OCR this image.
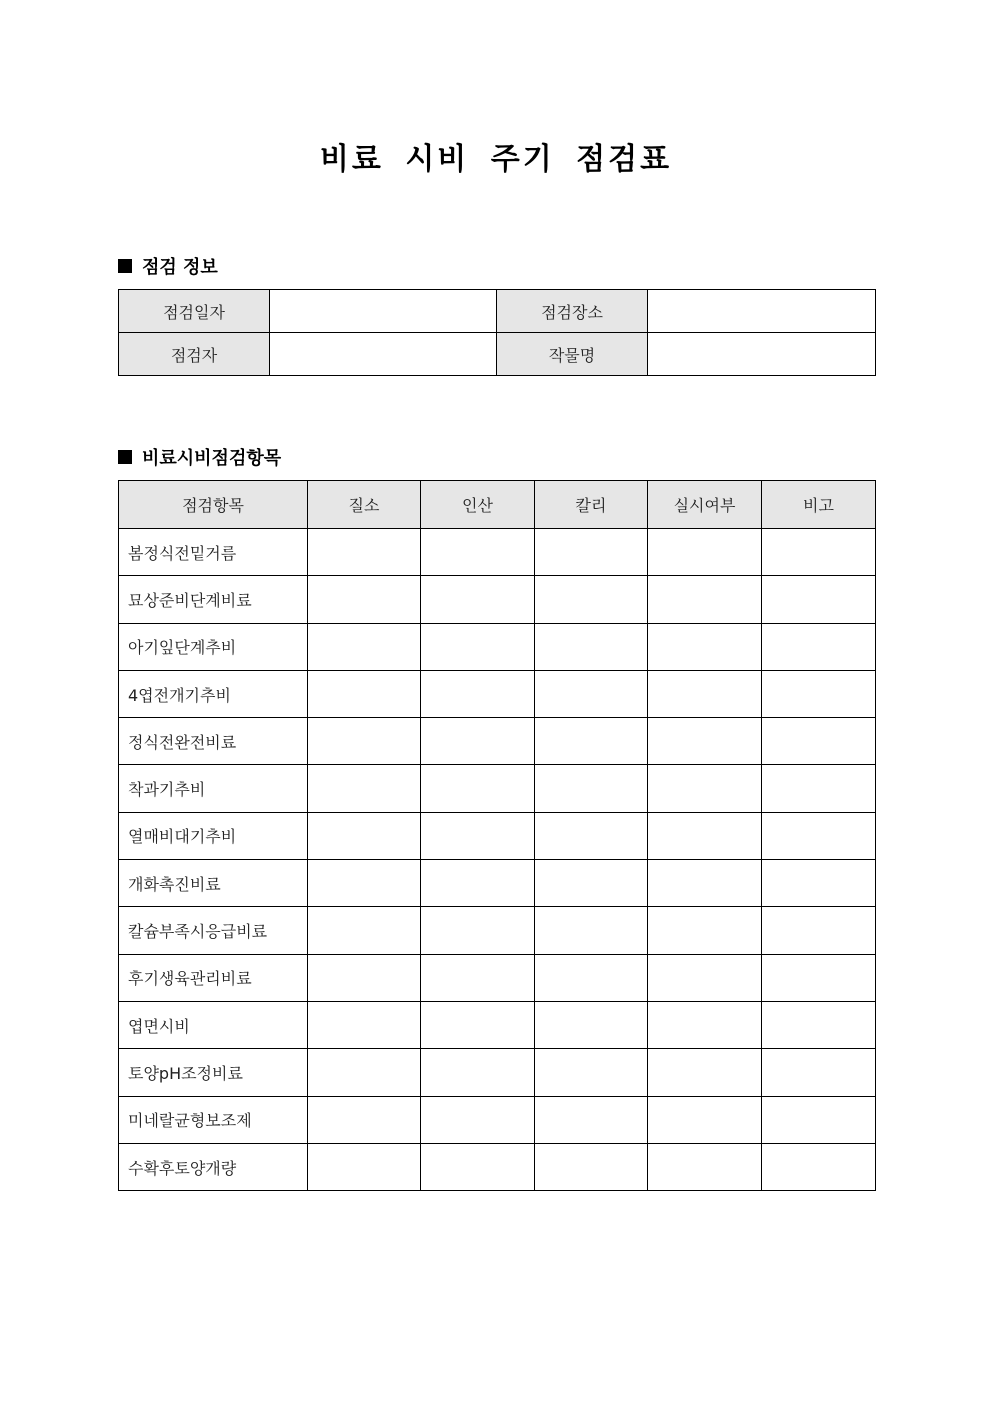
비료 시비 주기 점검표
점검 정보
점검일자		점검장소	
점검자		작물명	
비료시비점검항목
점검항목	질소	인산	칼리	실시여부	비고
봄정식전밑거름					
묘상준비단계비료					
아기잎단계추비					
4엽전개기추비					
정식전완전비료					
착과기추비					
열매비대기추비					
개화촉진비료					
칼슘부족시응급비료					
후기생육관리비료					
엽면시비					
토양pH조정비료					
미네랄균형보조제					
수확후토양개량					
